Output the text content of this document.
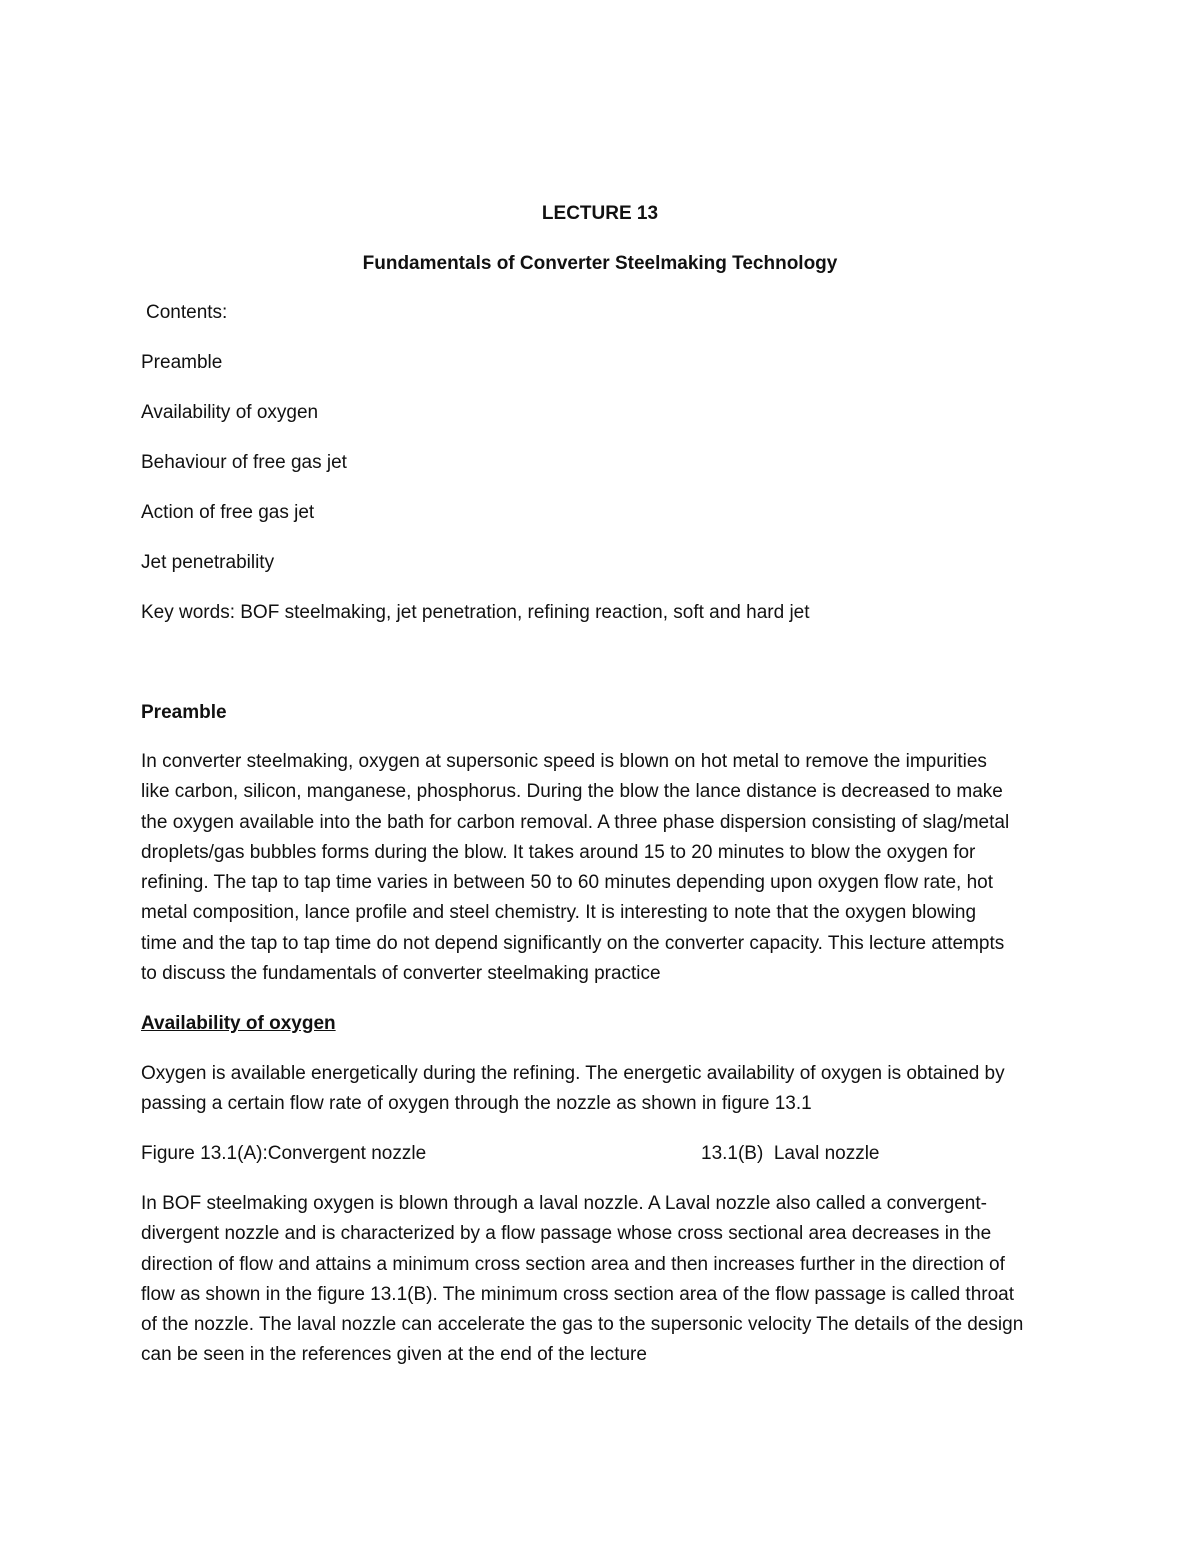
LECTURE 13
Fundamentals of Converter Steelmaking Technology
Contents:
Preamble
Availability of oxygen
Behaviour of free gas jet
Action of free gas jet
Jet penetrability
Key words: BOF steelmaking, jet penetration, refining reaction, soft and hard jet
Preamble
In converter steelmaking, oxygen at supersonic speed is blown on hot metal to remove the impurities
like carbon, silicon, manganese, phosphorus. During the blow the lance distance is decreased to make
the oxygen available into the bath for carbon removal. A three phase dispersion consisting of slag/metal
droplets/gas bubbles forms during the blow. It takes around 15 to 20 minutes to blow the oxygen for
refining. The tap to tap time varies in between 50 to 60 minutes depending upon oxygen flow rate, hot
metal composition, lance profile and steel chemistry. It is interesting to note that the oxygen blowing
time and the tap to tap time do not depend significantly on the converter capacity. This lecture attempts
to discuss the fundamentals of converter steelmaking practice
Availability of oxygen
Oxygen is available energetically during the refining. The energetic availability of oxygen is obtained by
passing a certain flow rate of oxygen through the nozzle as shown in figure 13.1
Figure 13.1(A):Convergent nozzle	13.1(B)  Laval nozzle
In BOF steelmaking oxygen is blown through a laval nozzle. A Laval nozzle also called a convergent-
divergent nozzle and is characterized by a flow passage whose cross sectional area decreases in the
direction of flow and attains a minimum cross section area and then increases further in the direction of
flow as shown in the figure 13.1(B). The minimum cross section area of the flow passage is called throat
of the nozzle. The laval nozzle can accelerate the gas to the supersonic velocity The details of the design
can be seen in the references given at the end of the lecture
